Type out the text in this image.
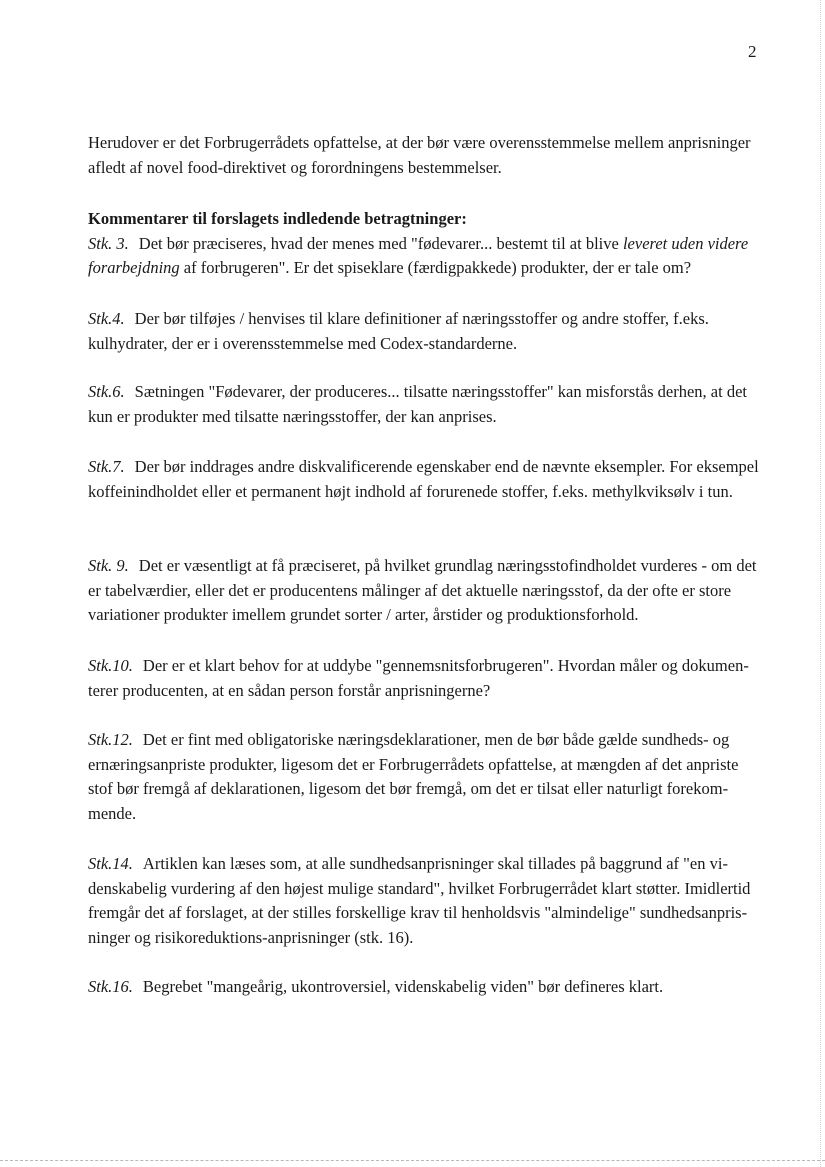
2

Herudover er det Forbrugerrådets opfattelse, at der bør være overensstemmelse mellem anprisninger afledt af novel food-direktivet og forordningens bestemmelser.

Kommentarer til forslagets indledende betragtninger:
Stk. 3. Det bør præciseres, hvad der menes med "fødevarer... bestemt til at blive leveret uden videre forarbejdning af forbrugeren". Er det spiseklare (færdigpakkede) produkter, der er tale om?

Stk.4. Der bør tilføjes / henvises til klare definitioner af næringsstoffer og andre stoffer, f.eks. kulhydrater, der er i overensstemmelse med Codex-standarderne.

Stk.6. Sætningen "Fødevarer, der produceres... tilsatte næringsstoffer" kan misforstås derhen, at det kun er produkter med tilsatte næringsstoffer, der kan anprises.

Stk.7. Der bør inddrages andre diskvalificerende egenskaber end de nævnte eksempler. For eksempel koffeinindholdet eller et permanent højt indhold af forurenede stoffer, f.eks. methylkviksølv i tun.

Stk. 9. Det er væsentligt at få præciseret, på hvilket grundlag næringsstofindholdet vurderes - om det er tabelværdier, eller det er producentens målinger af det aktuelle næringsstof, da der ofte er store variationer produkter imellem grundet sorter / arter, årstider og produktionsforhold.

Stk.10. Der er et klart behov for at uddybe "gennemsnitsforbrugeren". Hvordan måler og dokumenterer producenten, at en sådan person forstår anprisningerne?

Stk.12. Det er fint med obligatoriske næringsdeklarationer, men de bør både gælde sundheds- og ernæringsanpriste produkter, ligesom det er Forbrugerrådets opfattelse, at mængden af det anpriste stof bør fremgå af deklarationen, ligesom det bør fremgå, om det er tilsat eller naturligt forekommende.

Stk.14. Artiklen kan læses som, at alle sundhedsanprisninger skal tillades på baggrund af "en videnskabelig vurdering af den højest mulige standard", hvilket Forbrugerrådet klart støtter. Imidlertid fremgår det af forslaget, at der stilles forskellige krav til henholdsvis "almindelige" sundhedsanprisninger og risikoreduktions-anprisninger (stk. 16).

Stk.16. Begrebet "mangeårig, ukontroversiel, videnskabelig viden" bør defineres klart.
